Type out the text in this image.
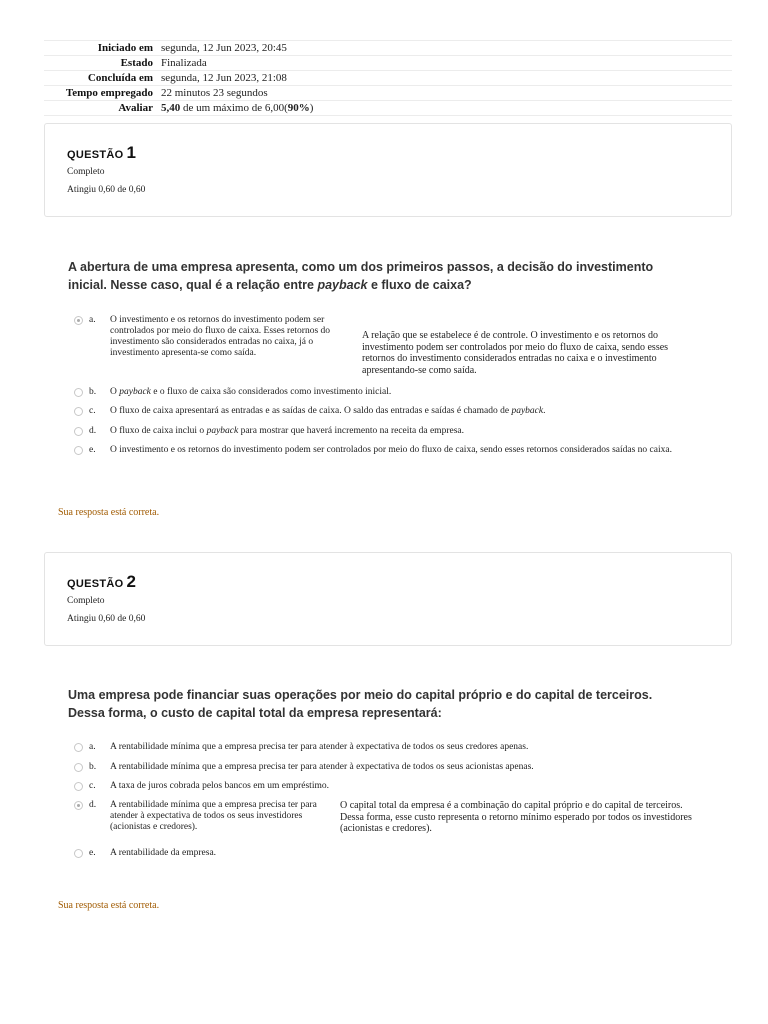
Iniciado em	segunda, 12 Jun 2023, 20:45
Estado	Finalizada
Concluída em	segunda, 12 Jun 2023, 21:08
Tempo empregado	22 minutos 23 segundos
Avaliar	5,40 de um máximo de 6,00(90%)
QUESTÃO 1
Completo
Atingiu 0,60 de 0,60
A abertura de uma empresa apresenta, como um dos primeiros passos, a decisão do investimento inicial. Nesse caso, qual é a relação entre payback e fluxo de caixa?
a. O investimento e os retornos do investimento podem ser controlados por meio do fluxo de caixa. Esses retornos do investimento são considerados entradas no caixa, já o investimento apresenta-se como saída.
A relação que se estabelece é de controle. O investimento e os retornos do investimento podem ser controlados por meio do fluxo de caixa, sendo esses retornos do investimento considerados entradas no caixa e o investimento apresentando-se como saída.
b. O payback e o fluxo de caixa são considerados como investimento inicial.
c. O fluxo de caixa apresentará as entradas e as saídas de caixa. O saldo das entradas e saídas é chamado de payback.
d. O fluxo de caixa inclui o payback para mostrar que haverá incremento na receita da empresa.
e. O investimento e os retornos do investimento podem ser controlados por meio do fluxo de caixa, sendo esses retornos considerados saídas no caixa.
Sua resposta está correta.
QUESTÃO 2
Completo
Atingiu 0,60 de 0,60
Uma empresa pode financiar suas operações por meio do capital próprio e do capital de terceiros. Dessa forma, o custo de capital total da empresa representará:
a. A rentabilidade mínima que a empresa precisa ter para atender à expectativa de todos os seus credores apenas.
b. A rentabilidade mínima que a empresa precisa ter para atender à expectativa de todos os seus acionistas apenas.
c. A taxa de juros cobrada pelos bancos em um empréstimo.
d. A rentabilidade mínima que a empresa precisa ter para atender à expectativa de todos os seus investidores (acionistas e credores).
O capital total da empresa é a combinação do capital próprio e do capital de terceiros. Dessa forma, esse custo representa o retorno mínimo esperado por todos os investidores (acionistas e credores).
e. A rentabilidade da empresa.
Sua resposta está correta.
